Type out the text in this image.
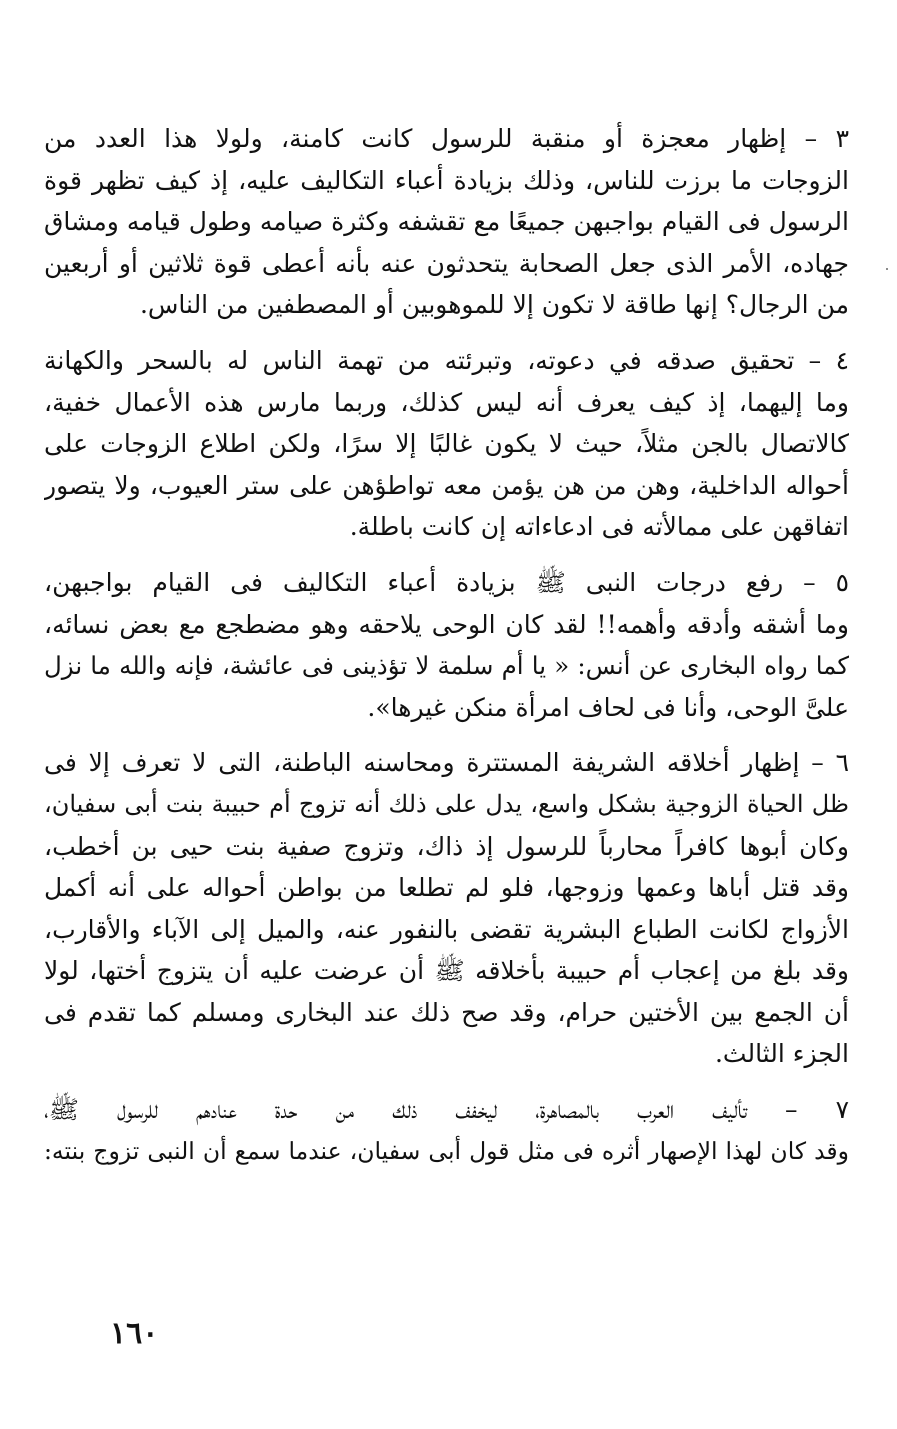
٣ – إظهار معجزة أو منقبة للرسول كانت كامنة، ولولا هذا العدد من
الزوجات ما برزت للناس، وذلك بزيادة أعباء التكاليف عليه، إذ كيف تظهر قوة
الرسول فى القيام بواجبهن جميعًا مع تقشفه وكثرة صيامه وطول قيامه ومشاق
جهاده، الأمر الذى جعل الصحابة يتحدثون عنه بأنه أعطى قوة ثلاثين أو أربعين
من الرجال؟ إنها طاقة لا تكون إلا للموهوبين أو المصطفين من الناس.
٤ – تحقيق صدقه في دعوته، وتبرئته من تهمة الناس له بالسحر والكهانة
وما إليهما، إذ كيف يعرف أنه ليس كذلك، وربما مارس هذه الأعمال خفية،
كالاتصال بالجن مثلاً، حيث لا يكون غالبًا إلا سرًا، ولكن اطلاع الزوجات على
أحواله الداخلية، وهن من هن يؤمن معه تواطؤهن على ستر العيوب، ولا يتصور
اتفاقهن على ممالأته فى ادعاءاته إن كانت باطلة.
٥ – رفع درجات النبى ﷺ بزيادة أعباء التكاليف فى القيام بواجبهن،
وما أشقه وأدقه وأهمه!! لقد كان الوحى يلاحقه وهو مضطجع مع بعض نسائه،
كما رواه البخارى عن أنس: « يا أم سلمة لا تؤذينى فى عائشة، فإنه والله ما نزل
علىَّ الوحى، وأنا فى لحاف امرأة منكن غيرها».
٦ – إظهار أخلاقه الشريفة المستترة ومحاسنه الباطنة، التى لا تعرف إلا فى
ظل الحياة الزوجية بشكل واسع، يدل على ذلك أنه تزوج أم حبيبة بنت أبى سفيان،
وكان أبوها كافراً محارباً للرسول إذ ذاك، وتزوج صفية بنت حيى بن أخطب،
وقد قتل أباها وعمها وزوجها، فلو لم تطلعا من بواطن أحواله على أنه أكمل
الأزواج لكانت الطباع البشرية تقضى بالنفور عنه، والميل إلى الآباء والأقارب،
وقد بلغ من إعجاب أم حبيبة بأخلاقه ﷺ أن عرضت عليه أن يتزوج أختها، لولا
أن الجمع بين الأختين حرام، وقد صح ذلك عند البخارى ومسلم كما تقدم فى
الجزء الثالث.
٧ – تأليف العرب بالمصاهرة، ليخفف ذلك من حدة عنادهم للرسول ﷺ،
وقد كان لهذا الإصهار أثره فى مثل قول أبى سفيان، عندما سمع أن النبى تزوج بنته:
١٦٠
